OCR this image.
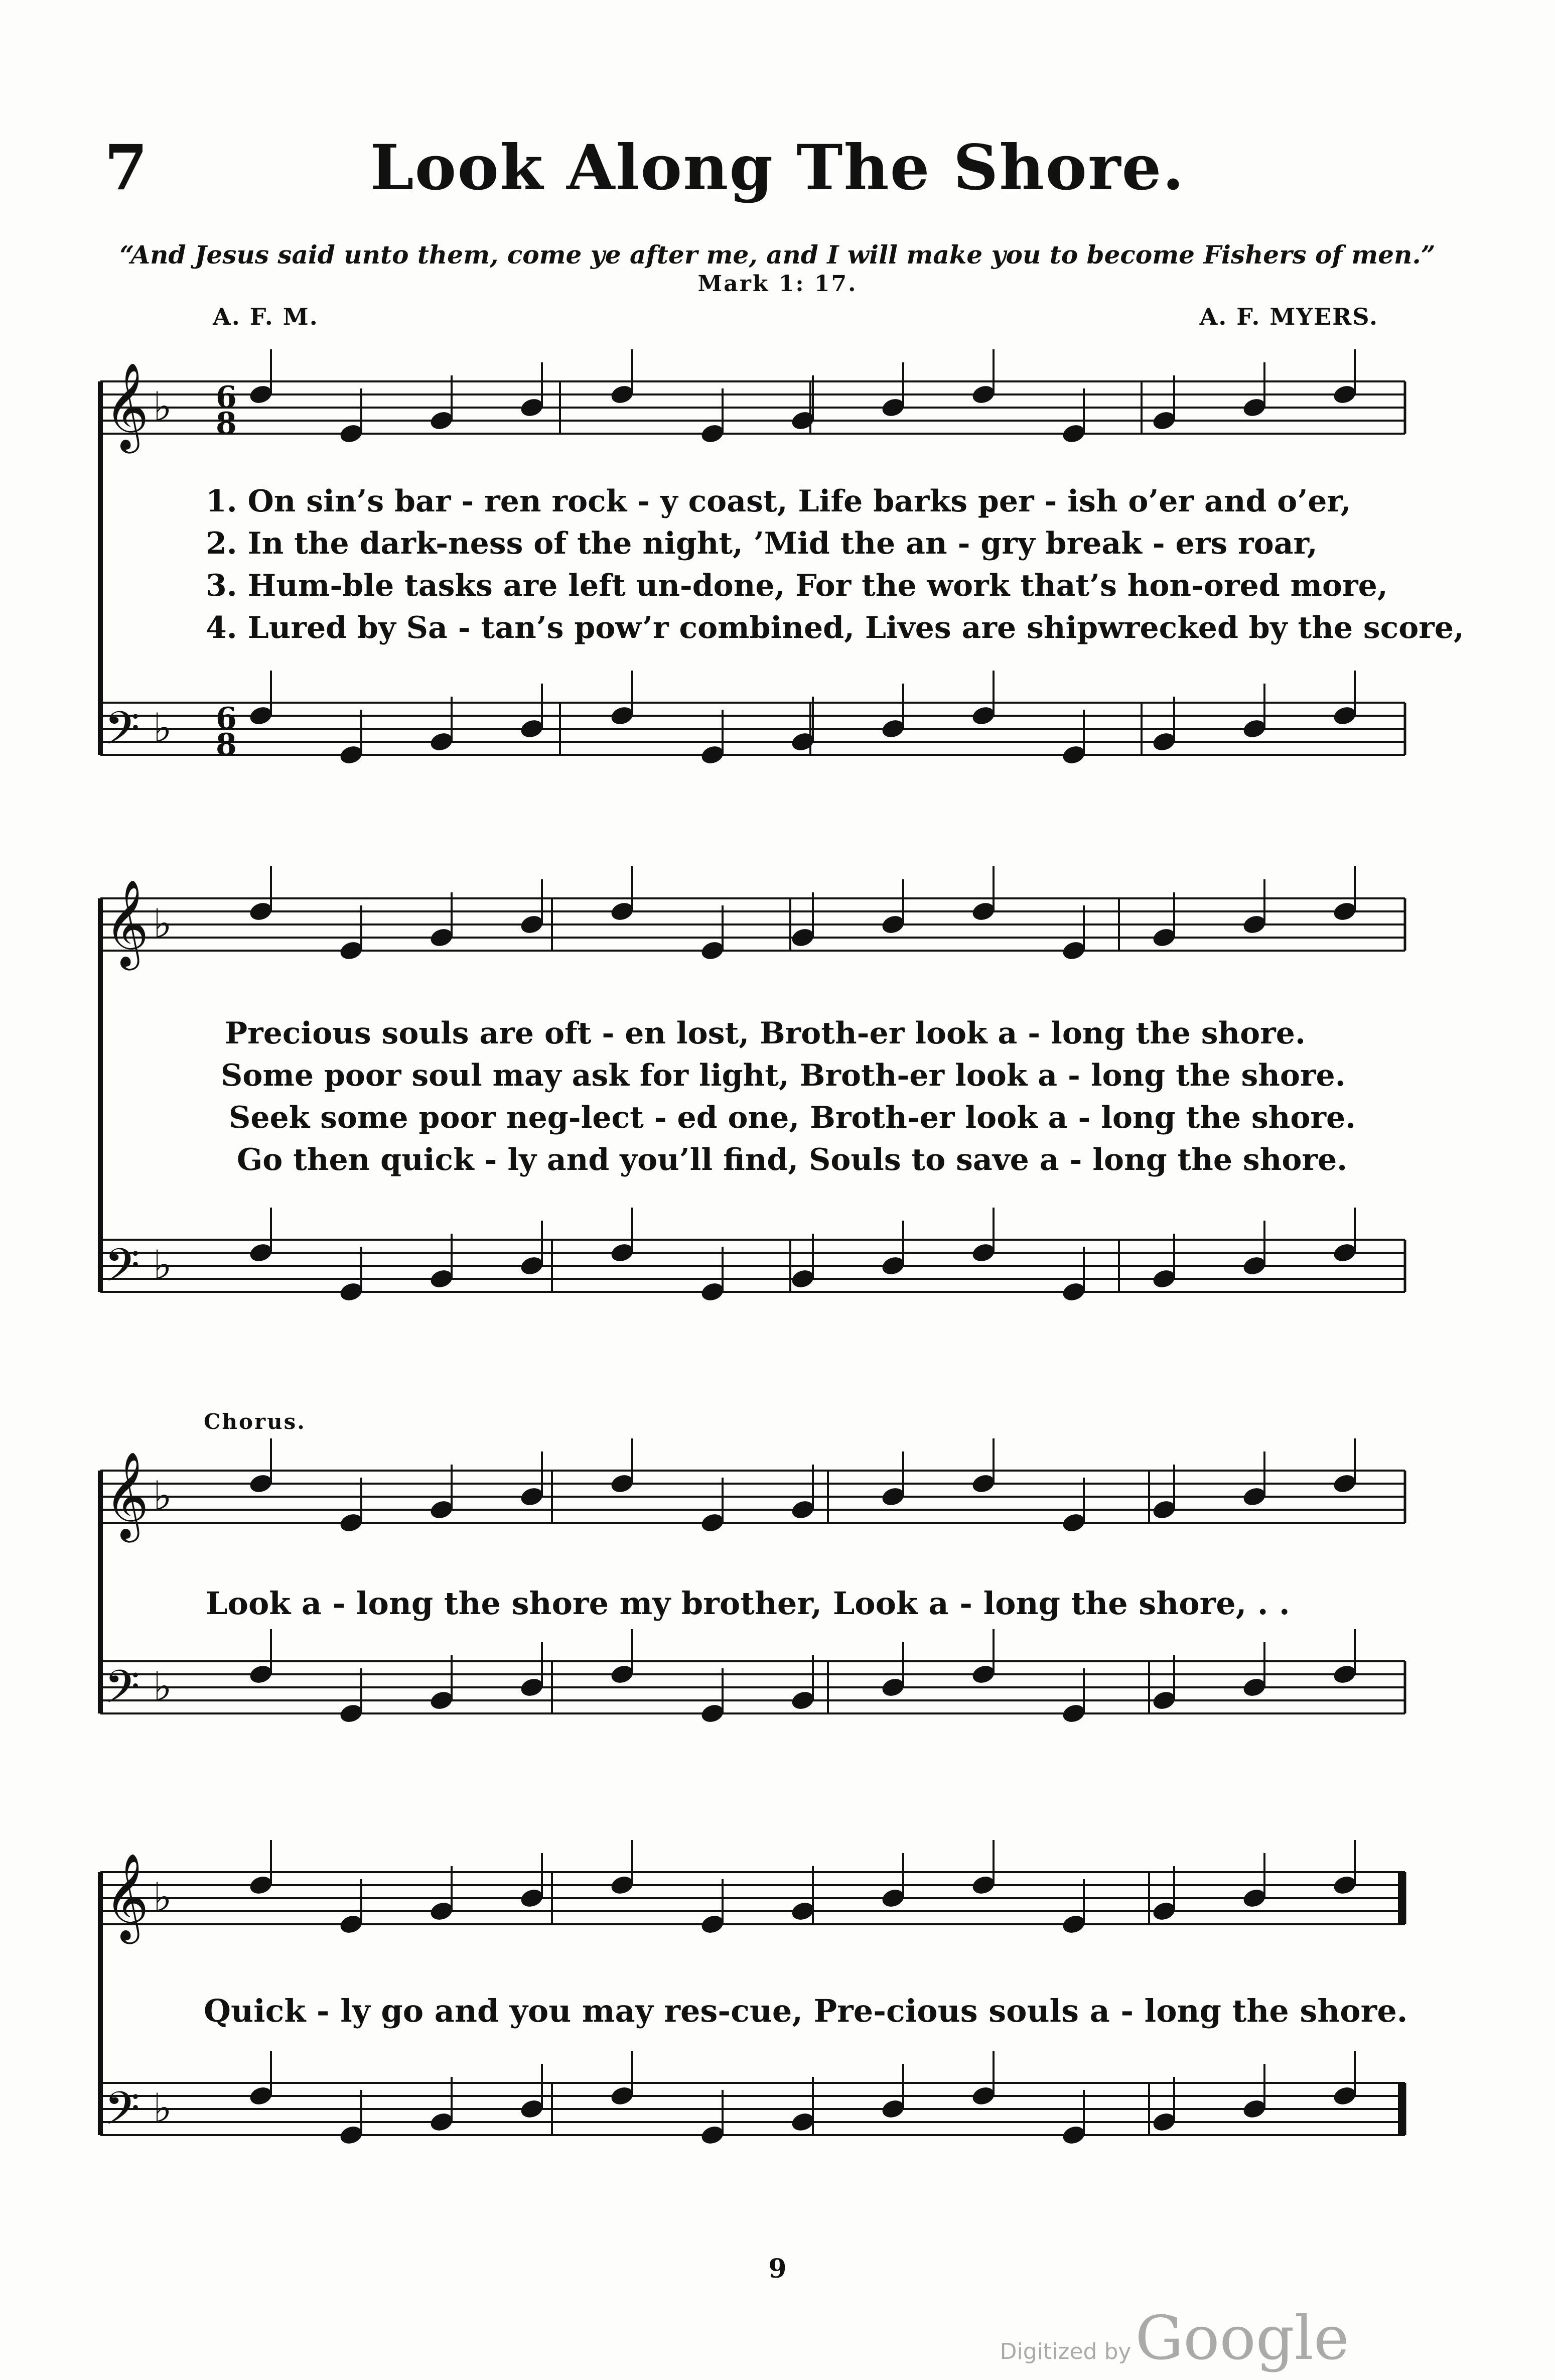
7	Look Along The Shore.
“And Jesus said unto them, come ye after me, and I will make you to become Fishers of men.”
Mark 1: 17.
A. F. M.	A. F. MYERS.
𝄞 ♭
𝄢 ♭
𝄞 ♭
𝄢 ♭
𝄞 ♭
𝄢 ♭
𝄞 ♭
𝄢 ♭
6
8
6
8
1. On sin’s bar - ren rock - y coast, Life barks per - ish o’er and o’er,
2. In the dark-ness of the night, ’Mid the an - gry break - ers roar,
3. Hum-ble tasks are left un-done, For the work that’s hon-ored more,
4. Lured by Sa - tan’s pow’r combined, Lives are shipwrecked by the score,
Precious souls are oft - en lost, Broth-er look a - long the shore.
Some poor soul may ask for light, Broth-er look a - long the shore.
Seek some poor neg-lect - ed one, Broth-er look a - long the shore.
Go then quick - ly and you’ll find, Souls to save a - long the shore.
Chorus.
Look a - long the shore my brother, Look a - long the shore, . .
Quick - ly go and you may res-cue, Pre-cious souls a - long the shore.
9
Digitized byGoogle
